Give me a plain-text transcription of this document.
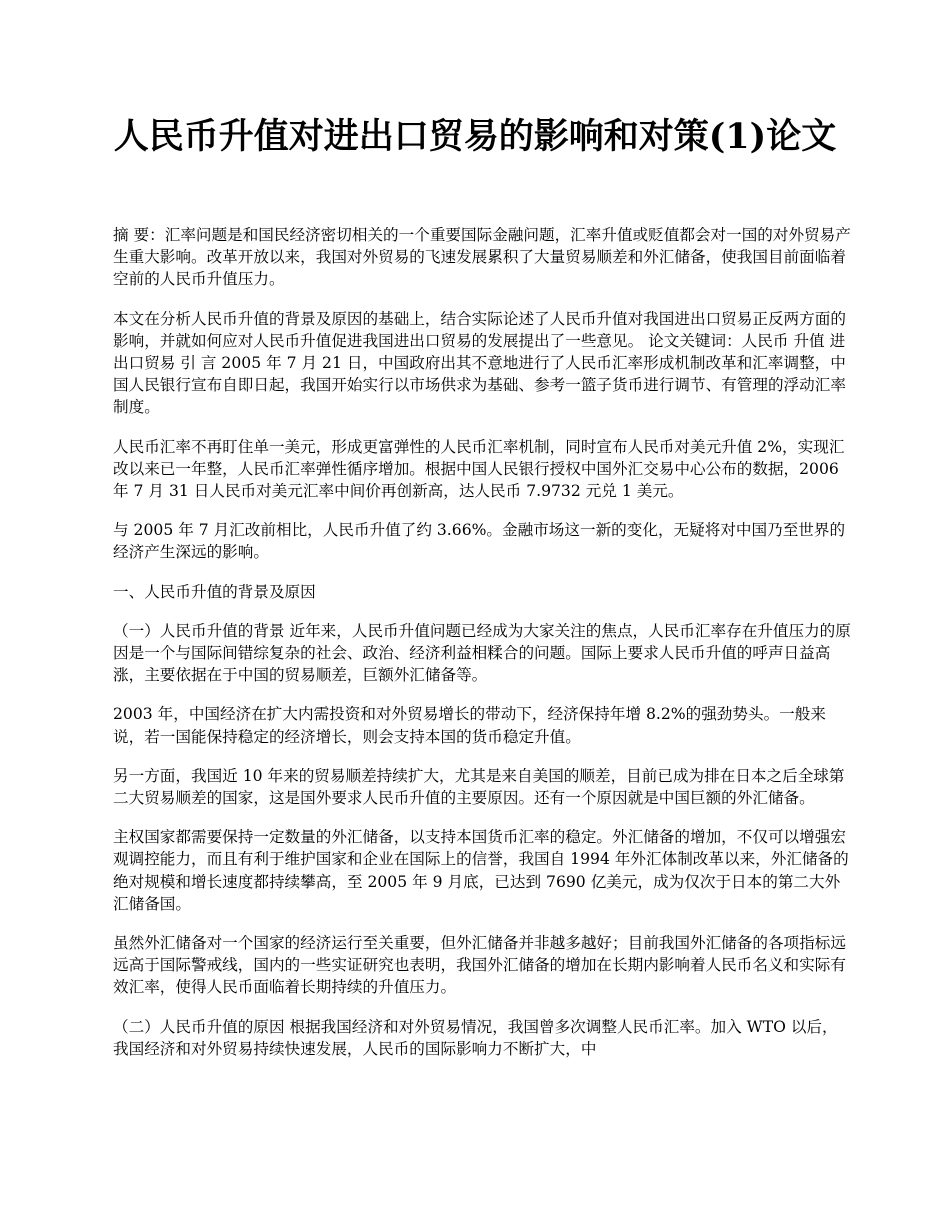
人民币升值对进出口贸易的影响和对策(1)论文

摘 要：汇率问题是和国民经济密切相关的一个重要国际金融问题，汇率升值或贬值都会对一国的对外贸易产生重大影响。改革开放以来，我国对外贸易的飞速发展累积了大量贸易顺差和外汇储备，使我国目前面临着空前的人民币升值压力。

本文在分析人民币升值的背景及原因的基础上，结合实际论述了人民币升值对我国进出口贸易正反两方面的影响，并就如何应对人民币升值促进我国进出口贸易的发展提出了一些意见。 论文关键词：人民币 升值 进出口贸易 引 言 2005 年 7 月 21 日，中国政府出其不意地进行了人民币汇率形成机制改革和汇率调整，中国人民银行宣布自即日起，我国开始实行以市场供求为基础、参考一篮子货币进行调节、有管理的浮动汇率制度。

人民币汇率不再盯住单一美元，形成更富弹性的人民币汇率机制，同时宣布人民币对美元升值 2%，实现汇改以来已一年整，人民币汇率弹性循序增加。根据中国人民银行授权中国外汇交易中心公布的数据，2006 年 7 月 31 日人民币对美元汇率中间价再创新高，达人民币 7.9732 元兑 1 美元。

与 2005 年 7 月汇改前相比，人民币升值了约 3.66%。金融市场这一新的变化，无疑将对中国乃至世界的经济产生深远的影响。

一、人民币升值的背景及原因

（一）人民币升值的背景 近年来，人民币升值问题已经成为大家关注的焦点，人民币汇率存在升值压力的原因是一个与国际间错综复杂的社会、政治、经济利益相糅合的问题。国际上要求人民币升值的呼声日益高涨，主要依据在于中国的贸易顺差，巨额外汇储备等。

2003 年，中国经济在扩大内需投资和对外贸易增长的带动下，经济保持年增 8.2%的强劲势头。一般来说，若一国能保持稳定的经济增长，则会支持本国的货币稳定升值。

另一方面，我国近 10 年来的贸易顺差持续扩大，尤其是来自美国的顺差，目前已成为排在日本之后全球第二大贸易顺差的国家，这是国外要求人民币升值的主要原因。还有一个原因就是中国巨额的外汇储备。

主权国家都需要保持一定数量的外汇储备，以支持本国货币汇率的稳定。外汇储备的增加，不仅可以增强宏观调控能力，而且有利于维护国家和企业在国际上的信誉，我国自 1994 年外汇体制改革以来，外汇储备的绝对规模和增长速度都持续攀高，至 2005 年 9 月底，已达到 7690 亿美元，成为仅次于日本的第二大外汇储备国。

虽然外汇储备对一个国家的经济运行至关重要，但外汇储备并非越多越好；目前我国外汇储备的各项指标远远高于国际警戒线，国内的一些实证研究也表明，我国外汇储备的增加在长期内影响着人民币名义和实际有效汇率，使得人民币面临着长期持续的升值压力。

（二）人民币升值的原因 根据我国经济和对外贸易情况，我国曾多次调整人民币汇率。加入 WTO 以后，我国经济和对外贸易持续快速发展，人民币的国际影响力不断扩大，中
